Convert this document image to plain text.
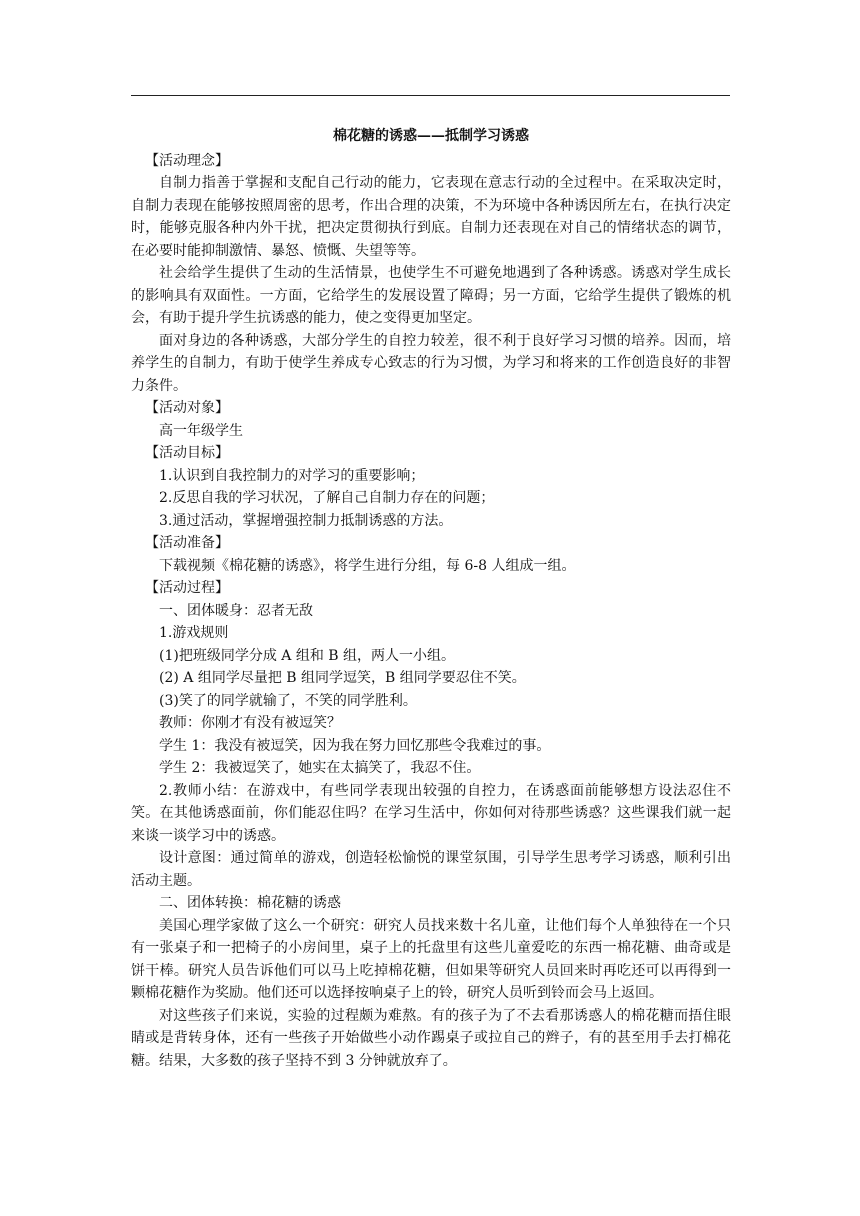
棉花糖的诱惑——抵制学习诱惑

【活动理念】

自制力指善于掌握和支配自己行动的能力，它表现在意志行动的全过程中。在采取决定时，自制力表现在能够按照周密的思考，作出合理的决策，不为环境中各种诱因所左右，在执行决定时，能够克服各种内外干扰，把决定贯彻执行到底。自制力还表现在对自己的情绪状态的调节，在必要时能抑制激情、暴怒、愤慨、失望等等。

社会给学生提供了生动的生活情景，也使学生不可避免地遇到了各种诱惑。诱惑对学生成长的影响具有双面性。一方面，它给学生的发展设置了障碍；另一方面，它给学生提供了锻炼的机会，有助于提升学生抗诱惑的能力，使之变得更加坚定。

面对身边的各种诱惑，大部分学生的自控力较差，很不利于良好学习习惯的培养。因而，培养学生的自制力，有助于使学生养成专心致志的行为习惯，为学习和将来的工作创造良好的非智力条件。

【活动对象】

高一年级学生

【活动目标】

1.认识到自我控制力的对学习的重要影响；

2.反思自我的学习状况，了解自己自制力存在的问题；

3.通过活动，掌握增强控制力抵制诱惑的方法。

【活动准备】

下载视频《棉花糖的诱惑》，将学生进行分组，每 6-8 人组成一组。

【活动过程】

一、团体暖身：忍者无敌

1.游戏规则

(1)把班级同学分成 A 组和 B 组，两人一小组。

(2) A 组同学尽量把 B 组同学逗笑，B 组同学要忍住不笑。

(3)笑了的同学就输了，不笑的同学胜利。

教师：你刚才有没有被逗笑？

学生 1：我没有被逗笑，因为我在努力回忆那些令我难过的事。

学生 2：我被逗笑了，她实在太搞笑了，我忍不住。

2.教师小结：在游戏中，有些同学表现出较强的自控力，在诱惑面前能够想方设法忍住不笑。在其他诱惑面前，你们能忍住吗？在学习生活中，你如何对待那些诱惑？这些课我们就一起来谈一谈学习中的诱惑。

设计意图：通过简单的游戏，创造轻松愉悦的课堂氛围，引导学生思考学习诱惑，顺利引出活动主题。

二、团体转换：棉花糖的诱惑

美国心理学家做了这么一个研究：研究人员找来数十名儿童，让他们每个人单独待在一个只有一张桌子和一把椅子的小房间里，桌子上的托盘里有这些儿童爱吃的东西一棉花糖、曲奇或是饼干棒。研究人员告诉他们可以马上吃掉棉花糖，但如果等研究人员回来时再吃还可以再得到一颗棉花糖作为奖励。他们还可以选择按响桌子上的铃，研究人员听到铃而会马上返回。

对这些孩子们来说，实验的过程颇为难熬。有的孩子为了不去看那诱惑人的棉花糖而捂住眼睛或是背转身体，还有一些孩子开始做些小动作踢桌子或拉自己的辫子，有的甚至用手去打棉花糖。结果，大多数的孩子坚持不到 3 分钟就放弃了。
